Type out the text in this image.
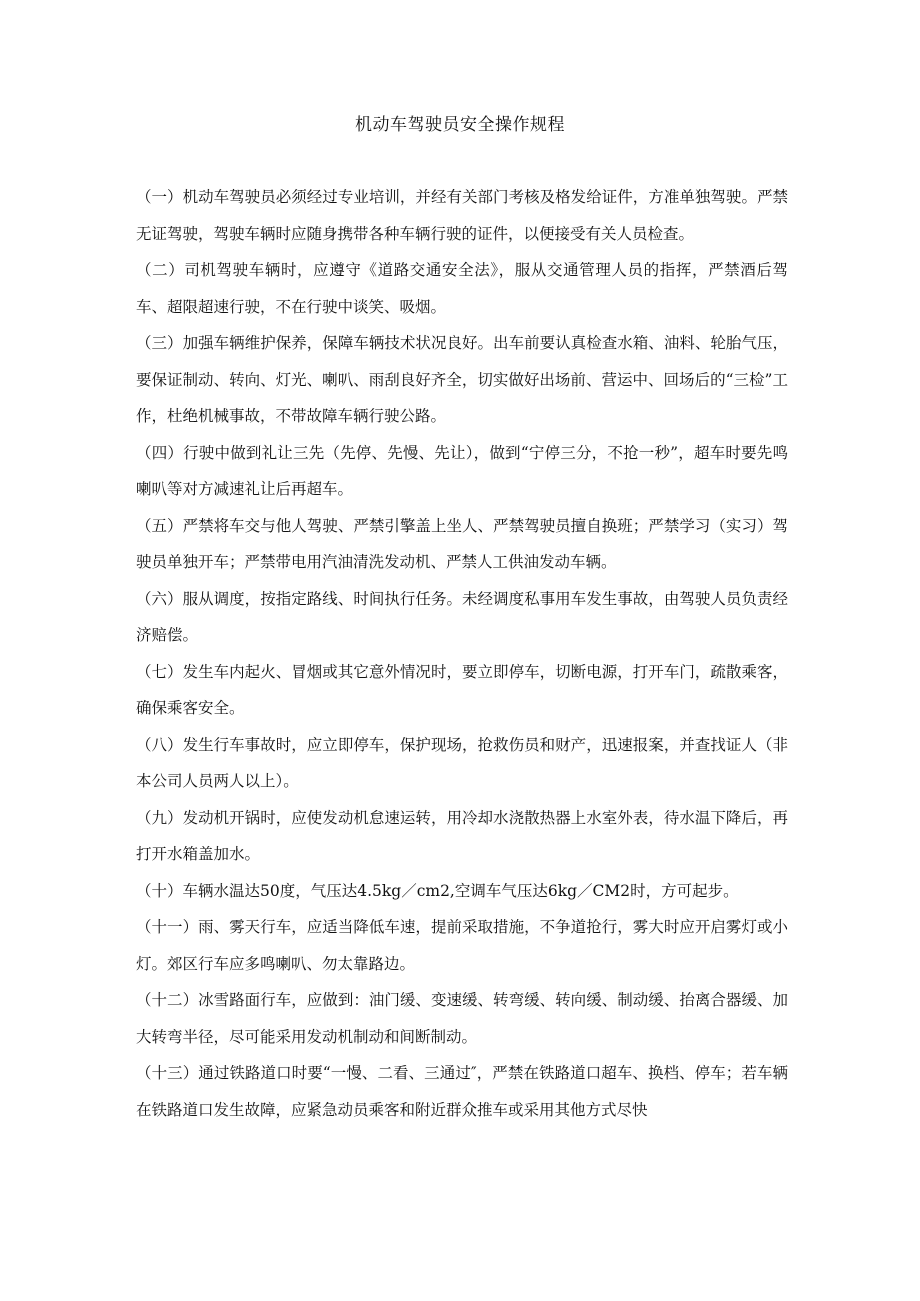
机动车驾驶员安全操作规程

（一）机动车驾驶员必须经过专业培训，并经有关部门考核及格发给证件，方准单独驾驶。严禁无证驾驶，驾驶车辆时应随身携带各种车辆行驶的证件，以便接受有关人员检查。

（二）司机驾驶车辆时，应遵守《道路交通安全法》，服从交通管理人员的指挥，严禁酒后驾车、超限超速行驶，不在行驶中谈笑、吸烟。

（三）加强车辆维护保养，保障车辆技术状况良好。出车前要认真检查水箱、油料、轮胎气压，要保证制动、转向、灯光、喇叭、雨刮良好齐全，切实做好出场前、营运中、回场后的“三检”工作，杜绝机械事故，不带故障车辆行驶公路。

（四）行驶中做到礼让三先（先停、先慢、先让），做到“宁停三分，不抢一秒”，超车时要先鸣喇叭等对方减速礼让后再超车。

（五）严禁将车交与他人驾驶、严禁引擎盖上坐人、严禁驾驶员擅自换班；严禁学习（实习）驾驶员单独开车；严禁带电用汽油清洗发动机、严禁人工供油发动车辆。

（六）服从调度，按指定路线、时间执行任务。未经调度私事用车发生事故，由驾驶人员负责经济赔偿。

（七）发生车内起火、冒烟或其它意外情况时，要立即停车，切断电源，打开车门，疏散乘客，确保乘客安全。

（八）发生行车事故时，应立即停车，保护现场，抢救伤员和财产，迅速报案，并查找证人（非本公司人员两人以上）。

（九）发动机开锅时，应使发动机怠速运转，用冷却水浇散热器上水室外表，待水温下降后，再打开水箱盖加水。

（十）车辆水温达50度，气压达4.5kg／cm2,空调车气压达6kg／CM2时，方可起步。

（十一）雨、雾天行车，应适当降低车速，提前采取措施，不争道抢行，雾大时应开启雾灯或小灯。郊区行车应多鸣喇叭、勿太靠路边。

（十二）冰雪路面行车，应做到：油门缓、变速缓、转弯缓、转向缓、制动缓、抬离合器缓、加大转弯半径，尽可能采用发动机制动和间断制动。

（十三）通过铁路道口时要“一慢、二看、三通过″，严禁在铁路道口超车、换档、停车；若车辆在铁路道口发生故障，应紧急动员乘客和附近群众推车或采用其他方式尽快
